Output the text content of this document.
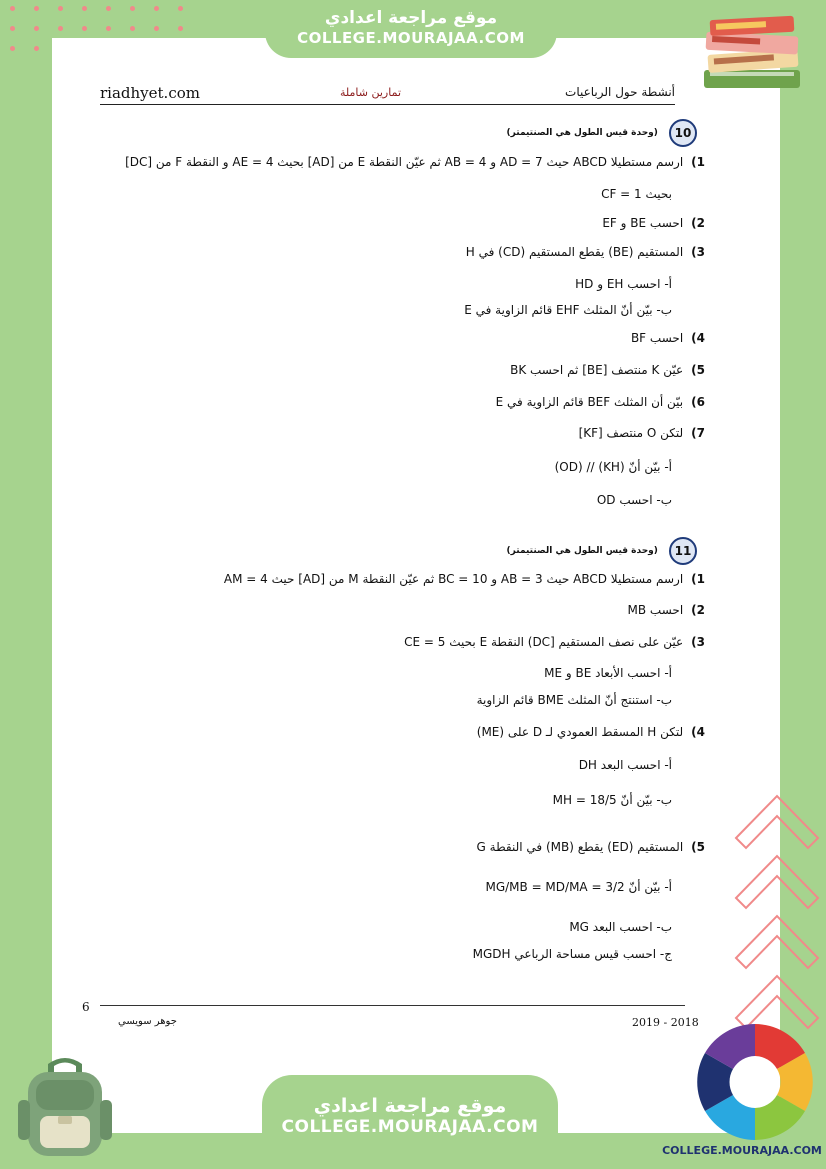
موقع مراجعة اعدادي
COLLEGE.MOURAJAA.COM
riadhyet.com	تمارين شاملة	أنشطة حول الرباعيات
(وحدة قيس الطول هي الصنتيمتر) 10
1)ارسم مستطيلا ABCD حيث AD = 7 و AB = 4 ثم عيّن النقطة E من [AD] بحيث AE = 4 و النقطة F من [DC]
بحيث CF = 1
2)احسب BE و EF
3)المستقيم (BE) يقطع المستقيم (CD) في H
أ- احسب EH و HD
ب- بيّن أنّ المثلث EHF قائم الزاوية في E
4)احسب BF
5)عيّن K منتصف [BE] ثم احسب BK
6)بيّن أن المثلث BEF قائم الزاوية في E
7)لتكن O منتصف [KF]
أ- بيّن أنّ (KH) // (OD)
ب- احسب OD
(وحدة قيس الطول هي الصنتيمتر) 11
1)ارسم مستطيلا ABCD حيث AB = 3 و BC = 10 ثم عيّن النقطة M من [AD] حيث AM = 4
2)احسب MB
3)عيّن على نصف المستقيم [DC) النقطة E بحيث CE = 5
أ- احسب الأبعاد BE و ME
ب- استنتج أنّ المثلث BME قائم الزاوية
4)لتكن H المسقط العمودي لـ D على (ME)
أ- احسب البعد DH
ب- بيّن أنّ MH = 18/5
5)المستقيم (ED) يقطع (MB) في النقطة G
أ- بيّن أنّ MG/MB = MD/MA = 3/2
ب- احسب البعد MG
ج- احسب قيس مساحة الرباعي MGDH
6
جوهر سويسي	2019 - 2018
موقع مراجعة اعدادي
COLLEGE.MOURAJAA.COM
COLLEGE.MOURAJAA.COM
